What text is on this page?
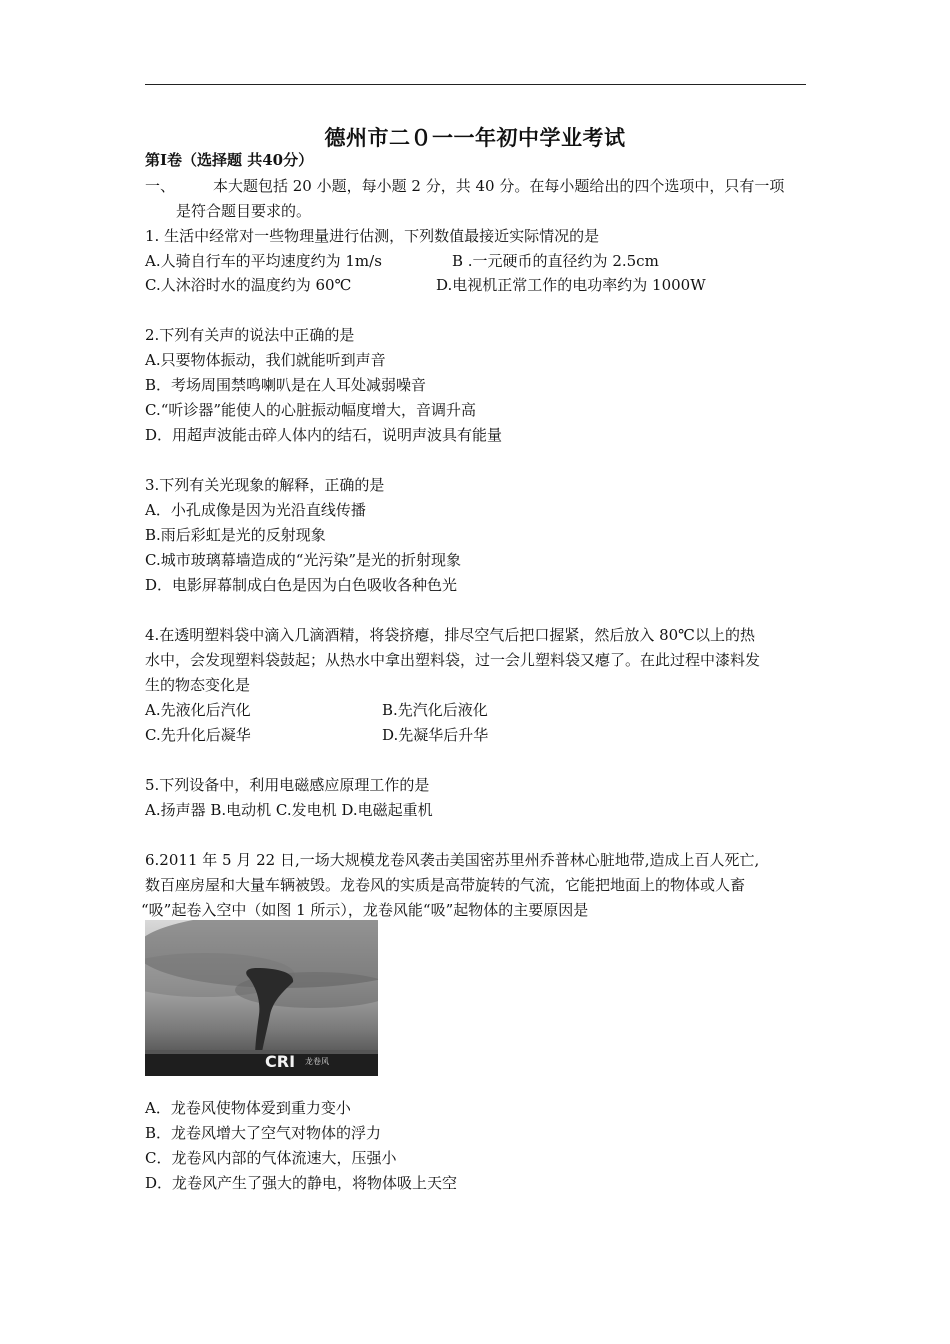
德州市二０一一年初中学业考试
第Ⅰ卷（选择题 共40分）
一、	本大题包括 20 小题，每小题 2 分，共 40 分。在每小题给出的四个选项中，只有一项
是符合题目要求的。
1. 生活中经常对一些物理量进行估测，下列数值最接近实际情况的是
A.人骑自行车的平均速度约为 1m/s	B .一元硬币的直径约为 2.5cm
C.人沐浴时水的温度约为 60℃	D.电视机正常工作的电功率约为 1000W
2.下列有关声的说法中正确的是
A.只要物体振动，我们就能听到声音
B．考场周围禁鸣喇叭是在人耳处减弱噪音
C.“听诊器”能使人的心脏振动幅度增大，音调升高
D．用超声波能击碎人体内的结石，说明声波具有能量
3.下列有关光现象的解释，正确的是
A．小孔成像是因为光沿直线传播
B.雨后彩虹是光的反射现象
C.城市玻璃幕墙造成的“光污染”是光的折射现象
D．电影屏幕制成白色是因为白色吸收各种色光
4.在透明塑料袋中滴入几滴酒精，将袋挤瘪，排尽空气后把口握紧，然后放入 80℃以上的热
水中，会发现塑料袋鼓起；从热水中拿出塑料袋，过一会儿塑料袋又瘪了。在此过程中漆料发
生的物态变化是
A.先液化后汽化	B.先汽化后液化
C.先升化后凝华	D.先凝华后升华
5.下列设备中，利用电磁感应原理工作的是
A.扬声器 B.电动机 C.发电机 D.电磁起重机
6.2011 年 5 月 22 日,一场大规模龙卷风袭击美国密苏里州乔普林心脏地带,造成上百人死亡,
数百座房屋和大量车辆被毁。龙卷风的实质是高带旋转的气流，它能把地面上的物体或人畜
“吸”起卷入空中（如图 1 所示），龙卷风能“吸”起物体的主要原因是
CRI 龙卷风
A．龙卷风使物体爱到重力变小
B．龙卷风增大了空气对物体的浮力
C．龙卷风内部的气体流速大，压强小
D．龙卷风产生了强大的静电，将物体吸上天空
